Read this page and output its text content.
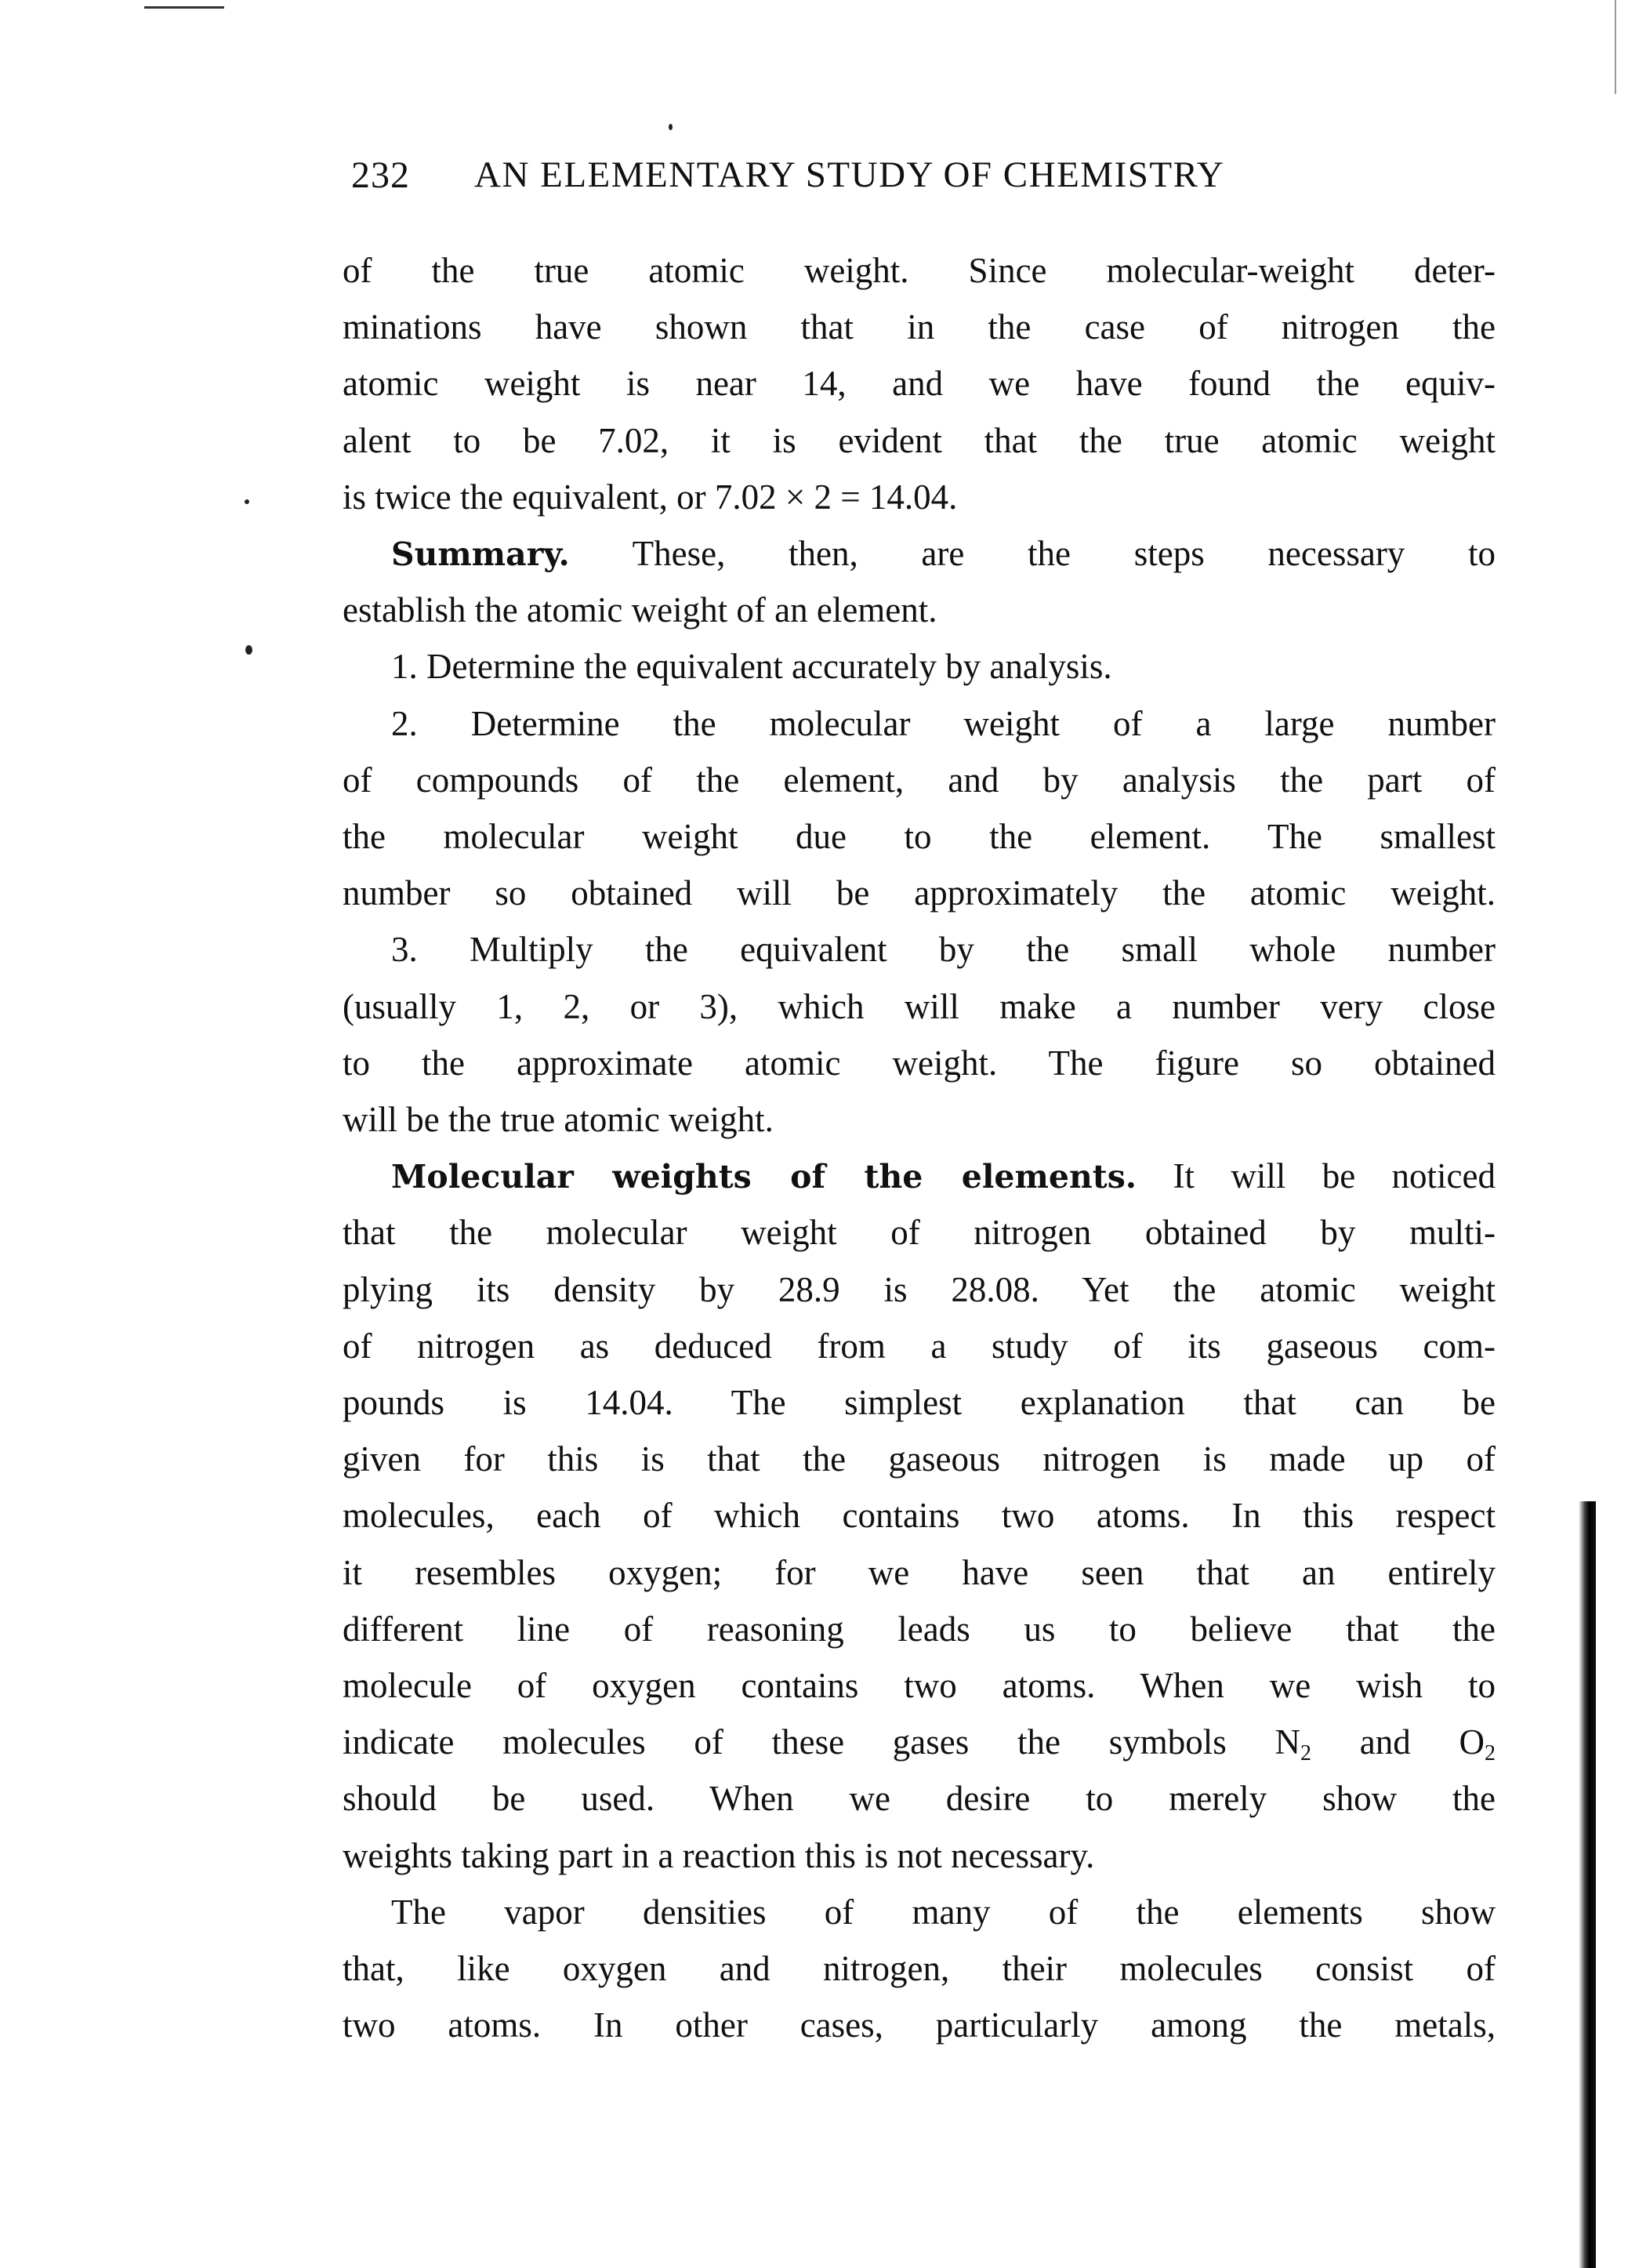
232 AN ELEMENTARY STUDY OF CHEMISTRY
of the true atomic weight. Since molecular-weight deter-
minations have shown that in the case of nitrogen the
atomic weight is near 14, and we have found the equiv-
alent to be 7.02, it is evident that the true atomic weight
is twice the equivalent, or 7.02 × 2 = 14.04.
Summary. These, then, are the steps necessary to
establish the atomic weight of an element.
1. Determine the equivalent accurately by analysis.
2. Determine the molecular weight of a large number
of compounds of the element, and by analysis the part of
the molecular weight due to the element. The smallest
number so obtained will be approximately the atomic weight.
3. Multiply the equivalent by the small whole number
(usually 1, 2, or 3), which will make a number very close
to the approximate atomic weight. The figure so obtained
will be the true atomic weight.
Molecular weights of the elements. It will be noticed
that the molecular weight of nitrogen obtained by multi-
plying its density by 28.9 is 28.08. Yet the atomic weight
of nitrogen as deduced from a study of its gaseous com-
pounds is 14.04. The simplest explanation that can be
given for this is that the gaseous nitrogen is made up of
molecules, each of which contains two atoms. In this respect
it resembles oxygen; for we have seen that an entirely
different line of reasoning leads us to believe that the
molecule of oxygen contains two atoms. When we wish to
indicate molecules of these gases the symbols $N_2$ and $O_2$
should be used. When we desire to merely show the
weights taking part in a reaction this is not necessary.
The vapor densities of many of the elements show
that, like oxygen and nitrogen, their molecules consist of
two atoms. In other cases, particularly among the metals,
